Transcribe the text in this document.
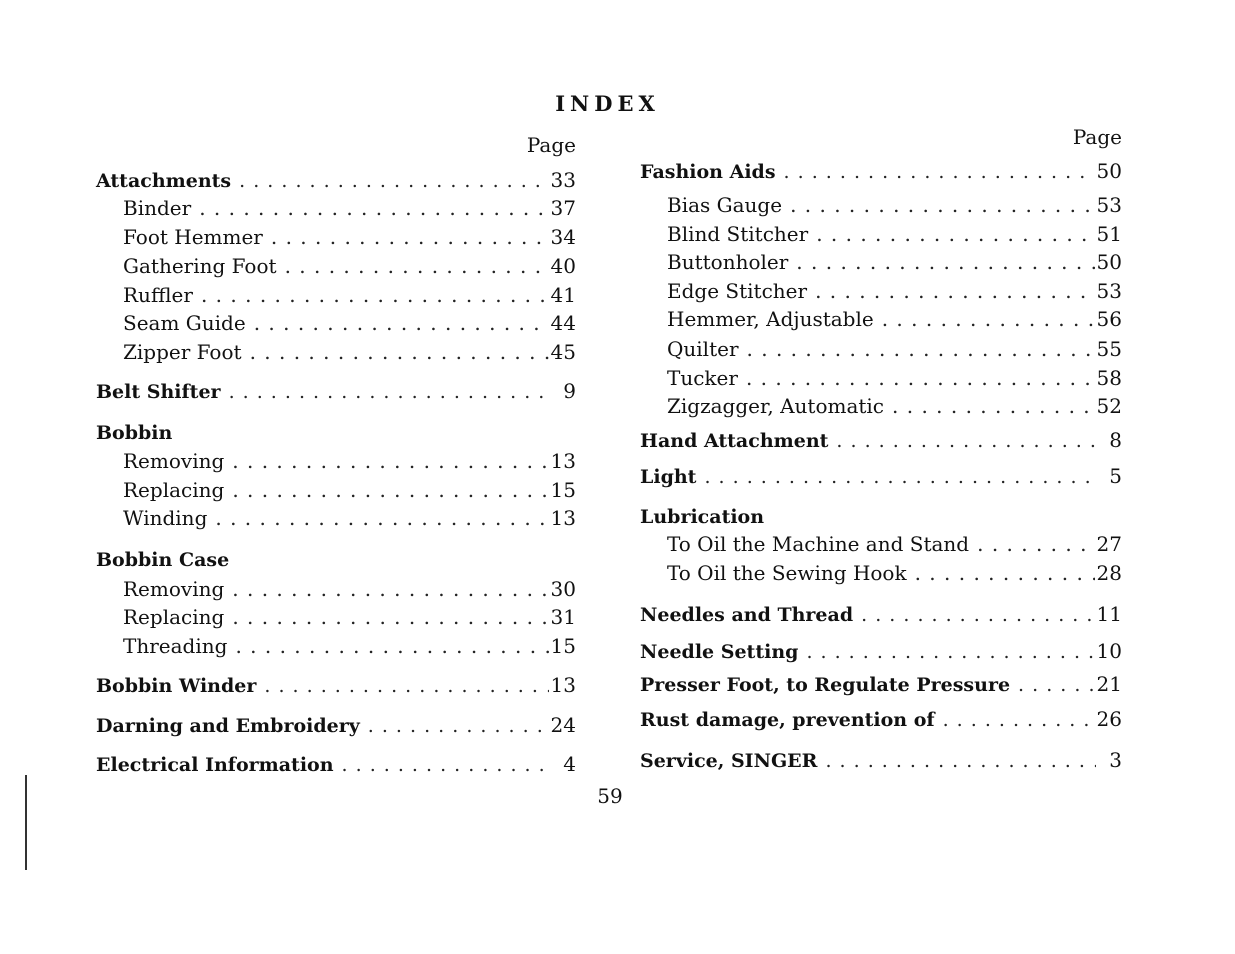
INDEX
Page
Attachments . . .	33
Binder . . .	37
Foot Hemmer . . .	34
Gathering Foot . . .	40
Ruffler . . .	41
Seam Guide . . .	44
Zipper Foot . . .	45
Belt Shifter . . .	9
Bobbin
Removing . . .	13
Replacing . . .	15
Winding . . .	13
Bobbin Case
Removing . . .	30
Replacing . . .	31
Threading . . .	15
Bobbin Winder . . .	13
Darning and Embroidery . . .	24
Electrical Information . . .	4
Page
Fashion Aids . . .	50
Bias Gauge . . .	53
Blind Stitcher . . .	51
Buttonholer . . .	50
Edge Stitcher . . .	53
Hemmer, Adjustable . . .	56
Quilter . . .	55
Tucker . . .	58
Zigzagger, Automatic . . .	52
Hand Attachment . . .	8
Light . . .	5
Lubrication
To Oil the Machine and Stand . . .	27
To Oil the Sewing Hook . . .	28
Needles and Thread . . .	11
Needle Setting . . .	10
Presser Foot, to Regulate Pressure . . .	21
Rust damage, prevention of . . .	26
Service, SINGER . . .	3
59
